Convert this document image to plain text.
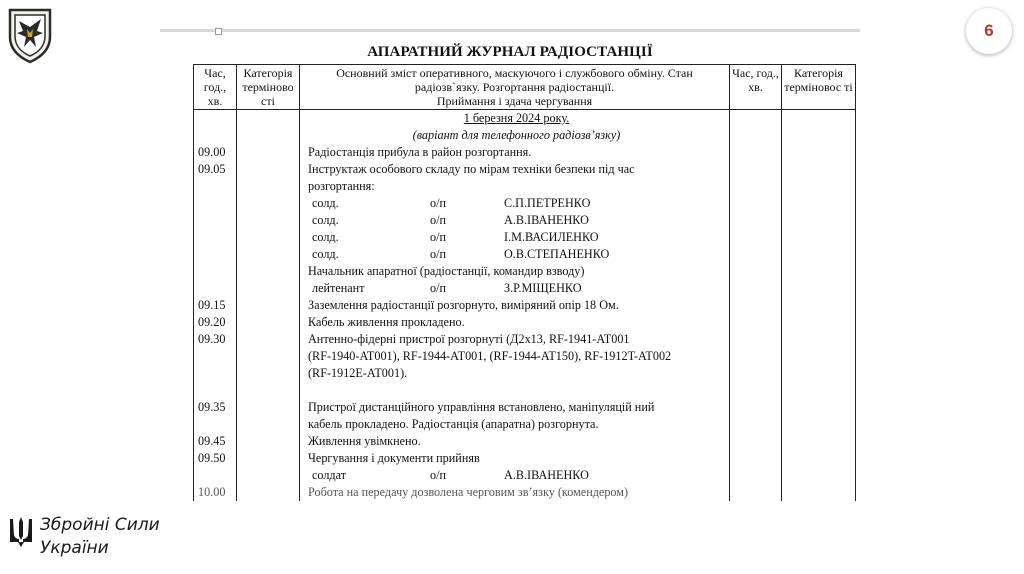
6
АПАРАТНИЙ ЖУРНАЛ РАДІОСТАНЦІЇ
Час, год., хв.	Категорія терміново сті	Основний зміст оперативного, маскуючого і службового обміну. Стан
радіозв`язку. Розгортання радіостанції.
Приймання і здача чергування	Час, год., хв.	Категорія терміновос ті
		1 березня 2024 року.		
		(варіант для телефонного радіозв’язку)		
09.00		Радіостанція прибула в район розгортання.		
09.05		Інструктаж особового складу по мірам техніки безпеки під час		
		розгортання:		
		солд. о/п С.П.ПЕТРЕНКО		
		солд. о/п А.В.ІВАНЕНКО		
		солд. о/п І.М.ВАСИЛЕНКО		
		солд. о/п О.В.СТЕПАНЕНКО		
		Начальник апаратної (радіостанції, командир взводу)		
		лейтенант о/п З.Р.МІЩЕНКО		
09.15		Заземлення радіостанції розгорнуто, виміряний опір 18 Ом.		
09.20		Кабель живлення прокладено.		
09.30		Антенно-фідерні пристрої розгорнуті (Д2х13, RF-1941-AT001		
		(RF-1940-AT001), RF-1944-AT001, (RF-1944-AT150), RF-1912T-AT002		
		(RF-1912E-AT001).		

09.35		Пристрої дистанційного управління встановлено, маніпуляцій ний		
		кабель прокладено. Радіостанція (апаратна) розгорнута.		
09.45		Живлення увімкнено.		
09.50		Чергування і документи прийняв		
		солдат о/п А.В.ІВАНЕНКО		
10.00		Робота на передачу дозволена черговим зв’язку (комендером)		
Збройні Сили
України
